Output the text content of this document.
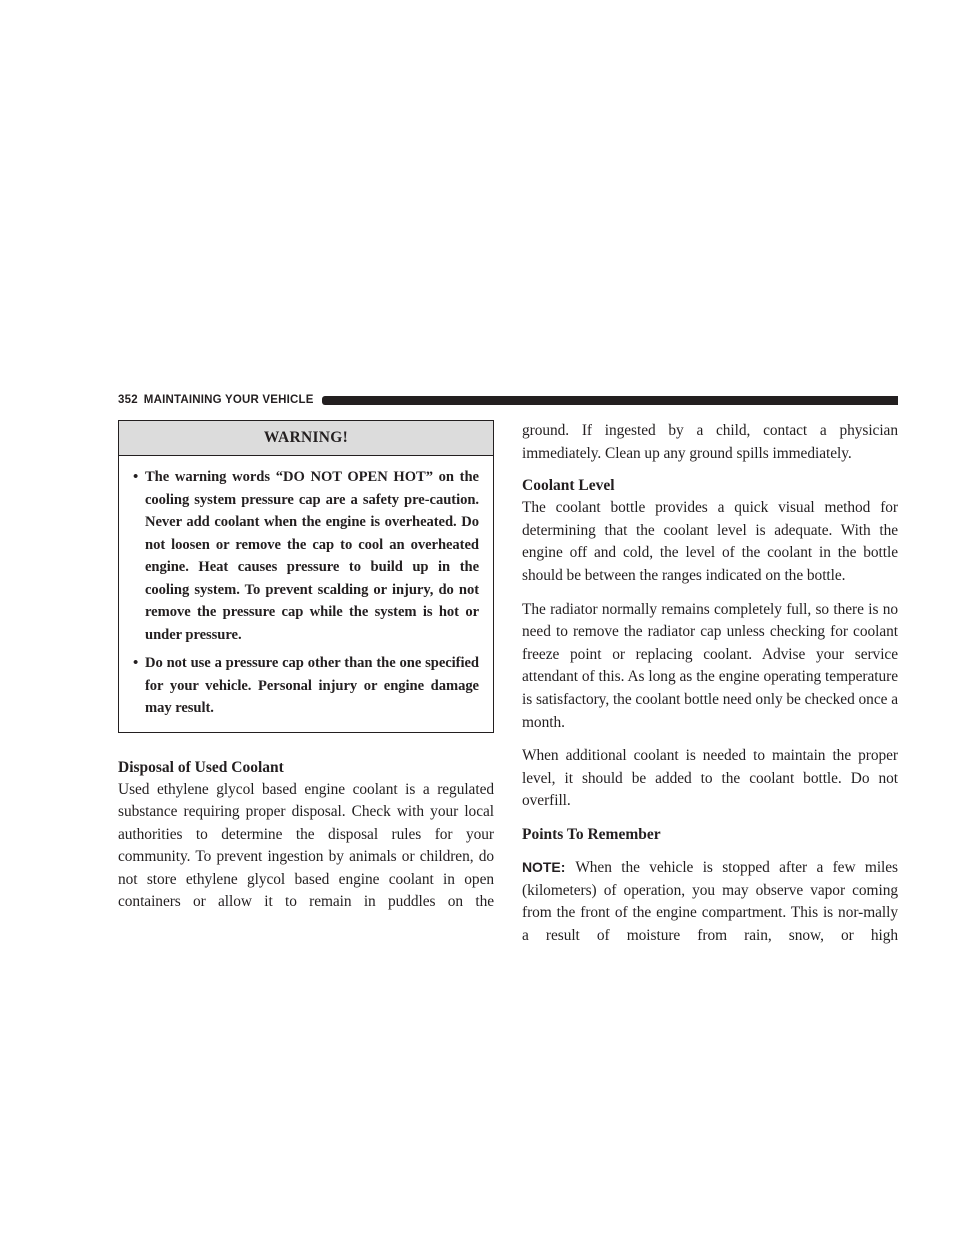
352 MAINTAINING YOUR VEHICLE
WARNING!
• The warning words “DO NOT OPEN HOT” on the cooling system pressure cap are a safety pre-caution. Never add coolant when the engine is overheated. Do not loosen or remove the cap to cool an overheated engine. Heat causes pressure to build up in the cooling system. To prevent scalding or injury, do not remove the pressure cap while the system is hot or under pressure.
• Do not use a pressure cap other than the one specified for your vehicle. Personal injury or engine damage may result.

Disposal of Used Coolant

Used ethylene glycol based engine coolant is a regulated substance requiring proper disposal. Check with your local authorities to determine the disposal rules for your community. To prevent ingestion by animals or children, do not store ethylene glycol based engine coolant in open containers or allow it to remain in puddles on the

ground. If ingested by a child, contact a physician immediately. Clean up any ground spills immediately.

Coolant Level

The coolant bottle provides a quick visual method for determining that the coolant level is adequate. With the engine off and cold, the level of the coolant in the bottle should be between the ranges indicated on the bottle.

The radiator normally remains completely full, so there is no need to remove the radiator cap unless checking for coolant freeze point or replacing coolant. Advise your service attendant of this. As long as the engine operating temperature is satisfactory, the coolant bottle need only be checked once a month.

When additional coolant is needed to maintain the proper level, it should be added to the coolant bottle. Do not overfill.

Points To Remember

NOTE: When the vehicle is stopped after a few miles (kilometers) of operation, you may observe vapor coming from the front of the engine compartment. This is nor-mally a result of moisture from rain, snow, or high
